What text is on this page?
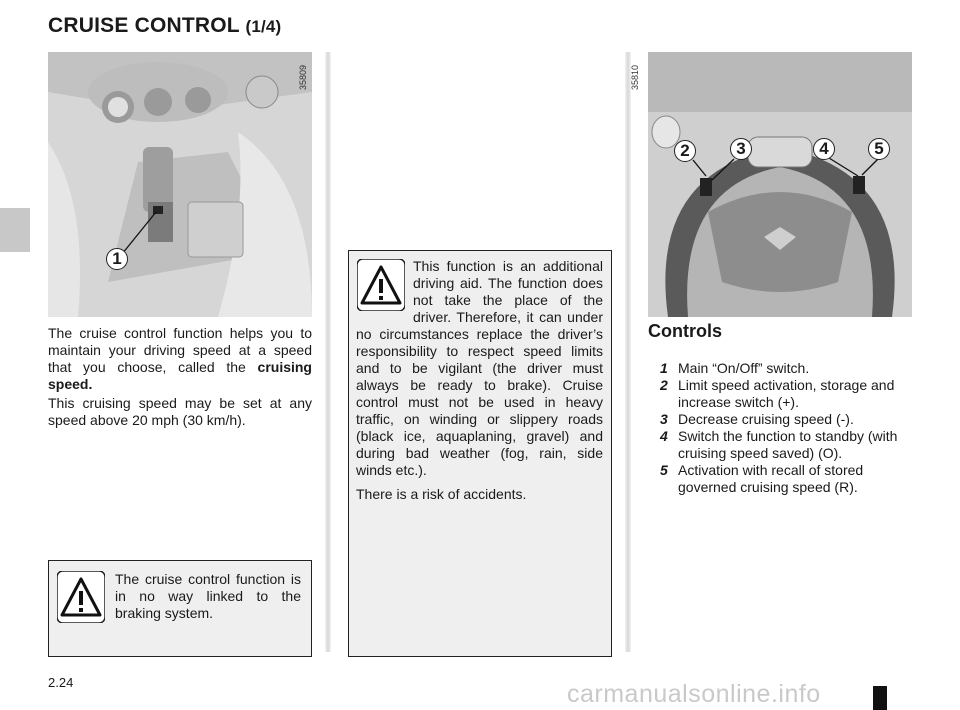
CRUISE CONTROL (1/4)
1
35809
2	3	4	5
35810
The cruise control function helps you to maintain your driving speed at a speed that you choose, called the cruising speed.
This cruising speed may be set at any speed above 20 mph (30 km/h).
The cruise control function is in no way linked to the braking system.
This function is an additional driving aid. The function does not take the place of the driver. Therefore, it can under no circumstances replace the driver’s responsibility to respect speed limits and to be vigilant (the driver must always be ready to brake). Cruise control must not be used in heavy traffic, on winding or slippery roads (black ice, aquaplaning, gravel) and during bad weather (fog, rain, side winds etc.).
There is a risk of accidents.
Controls
1 Main “On/Off” switch.
2 Limit speed activation, storage and increase switch (+).
3 Decrease cruising speed (-).
4 Switch the function to standby (with cruising speed saved) (O).
5 Activation with recall of stored governed cruising speed (R).
2.24	carmanualsonline.info
